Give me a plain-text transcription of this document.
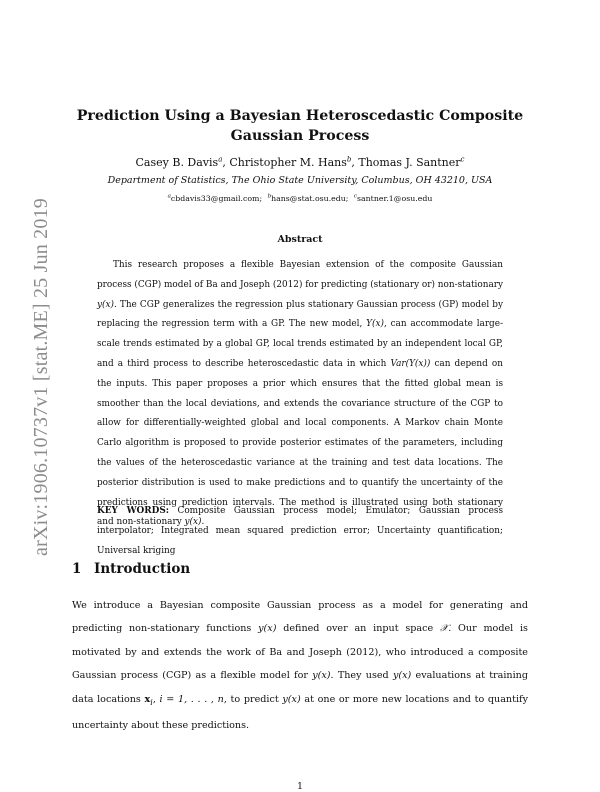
arXiv:1906.10737v1 [stat.ME] 25 Jun 2019
Prediction Using a Bayesian Heteroscedastic Composite Gaussian Process
Casey B. Davis$^a$, Christopher M. Hans$^b$, Thomas J. Santner$^c$
Department of Statistics, The Ohio State University, Columbus, OH 43210, USA
$^a$cbdavis33@gmail.com; $^b$hans@stat.osu.edu; $^c$santner.1@osu.edu
Abstract

This research proposes a flexible Bayesian extension of the composite Gaussian process (CGP) model of Ba and Joseph (2012) for predicting (stationary or) non-stationary y(x). The CGP generalizes the regression plus stationary Gaussian process (GP) model by replacing the regression term with a GP. The new model, Y(x), can accommodate large-scale trends estimated by a global GP, local trends estimated by an independent local GP, and a third process to describe heteroscedastic data in which Var(Y(x)) can depend on the inputs. This paper proposes a prior which ensures that the fitted global mean is smoother than the local deviations, and extends the covariance structure of the CGP to allow for differentially-weighted global and local components. A Markov chain Monte Carlo algorithm is proposed to provide posterior estimates of the parameters, including the values of the heteroscedastic variance at the training and test data locations. The posterior distribution is used to make predictions and to quantify the uncertainty of the predictions using prediction intervals. The method is illustrated using both stationary and non-stationary y(x).

KEY WORDS: Composite Gaussian process model; Emulator; Gaussian process interpolator; Integrated mean squared prediction error; Uncertainty quantification; Universal kriging

1 Introduction

We introduce a Bayesian composite Gaussian process as a model for generating and predicting non-stationary functions y(x) defined over an input space 𝒳. Our model is motivated by and extends the work of Ba and Joseph (2012), who introduced a composite Gaussian process (CGP) as a flexible model for y(x). They used y(x) evaluations at training data locations $x_i$, i = 1, . . . , n, to predict y(x) at one or more new locations and to quantify uncertainty about these predictions.

1
